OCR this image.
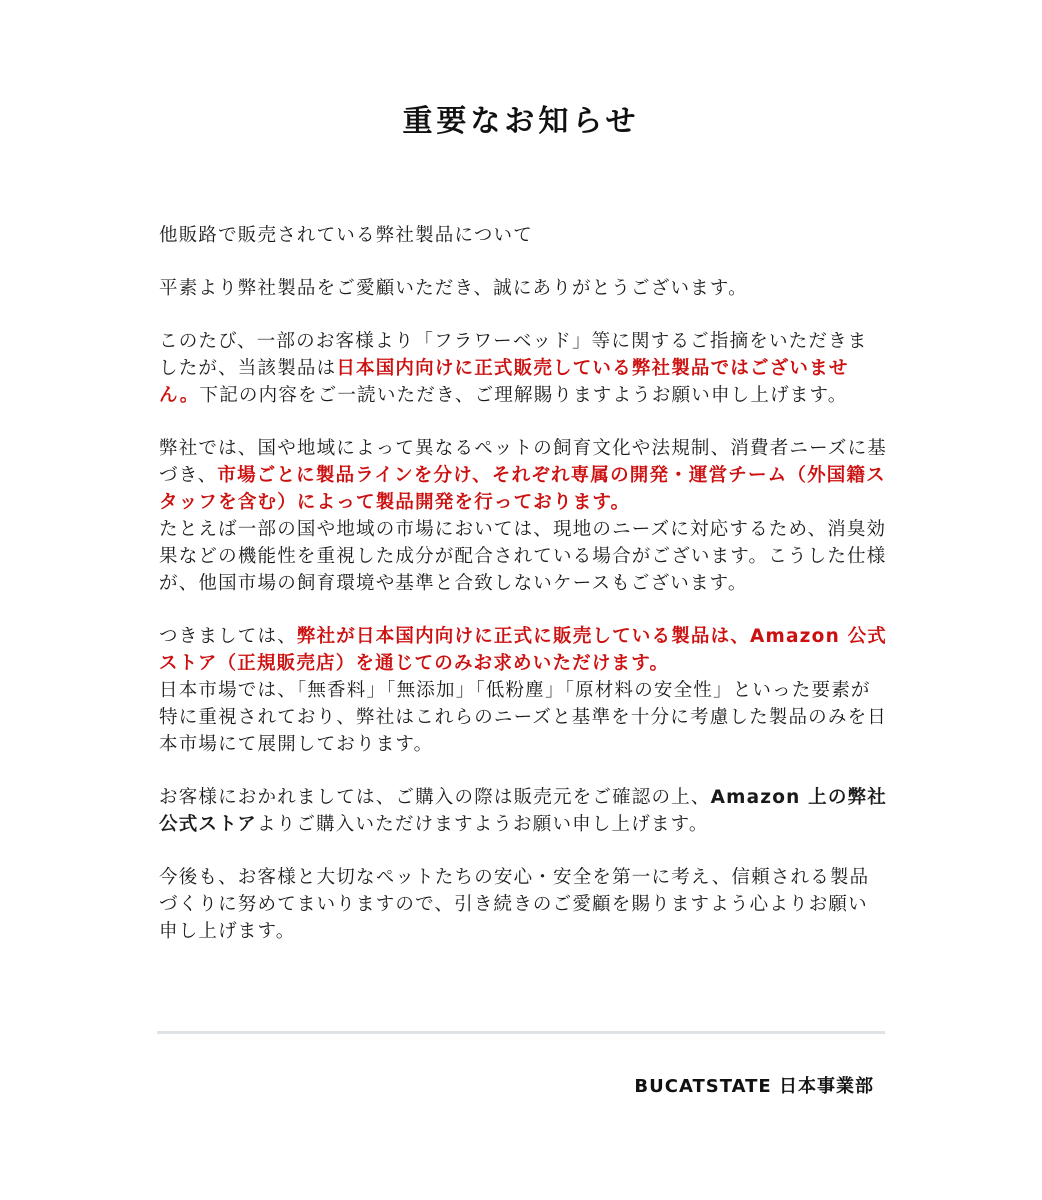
重要なお知らせ

他販路で販売されている弊社製品について

平素より弊社製品をご愛顧いただき、誠にありがとうございます。

このたび、一部のお客様より「フラワーベッド」等に関するご指摘をいただきましたが、当該製品は日本国内向けに正式販売している弊社製品ではございません。下記の内容をご一読いただき、ご理解賜りますようお願い申し上げます。

弊社では、国や地域によって異なるペットの飼育文化や法規制、消費者ニーズに基づき、市場ごとに製品ラインを分け、それぞれ専属の開発・運営チーム（外国籍スタッフを含む）によって製品開発を行っております。
たとえば一部の国や地域の市場においては、現地のニーズに対応するため、消臭効果などの機能性を重視した成分が配合されている場合がございます。こうした仕様が、他国市場の飼育環境や基準と合致しないケースもございます。

つきましては、弊社が日本国内向けに正式に販売している製品は、Amazon 公式ストア（正規販売店）を通じてのみお求めいただけます。
日本市場では、「無香料」「無添加」「低粉塵」「原材料の安全性」といった要素が特に重視されており、弊社はこれらのニーズと基準を十分に考慮した製品のみを日本市場にて展開しております。

お客様におかれましては、ご購入の際は販売元をご確認の上、Amazon 上の弊社公式ストアよりご購入いただけますようお願い申し上げます。

今後も、お客様と大切なペットたちの安心・安全を第一に考え、信頼される製品づくりに努めてまいりますので、引き続きのご愛顧を賜りますよう心よりお願い申し上げます。

BUCATSTATE 日本事業部
